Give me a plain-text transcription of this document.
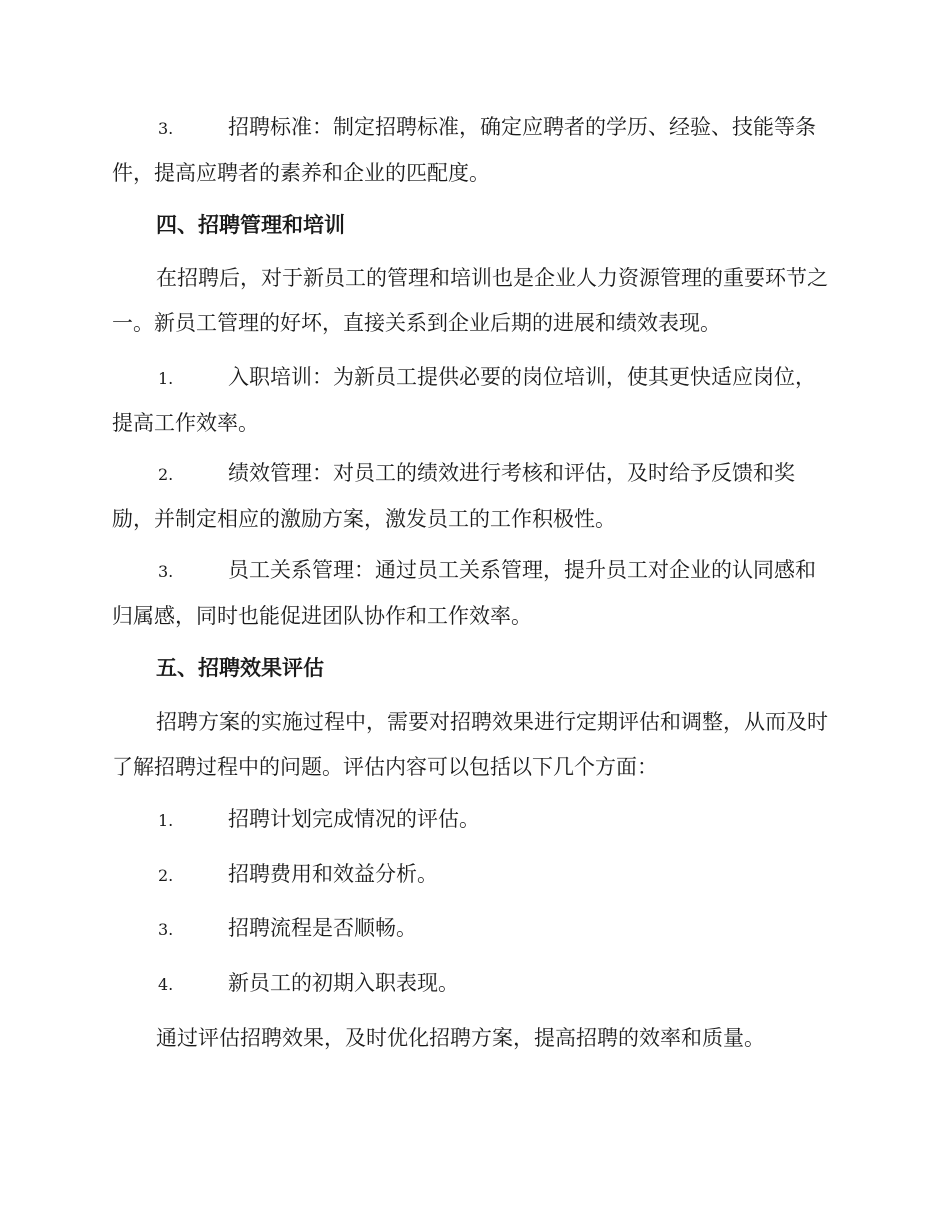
3.	招聘标准：制定招聘标准，确定应聘者的学历、经验、技能等条件，提高应聘者的素养和企业的匹配度。

四、招聘管理和培训

在招聘后，对于新员工的管理和培训也是企业人力资源管理的重要环节之一。新员工管理的好坏，直接关系到企业后期的进展和绩效表现。

1.	入职培训：为新员工提供必要的岗位培训，使其更快适应岗位，提高工作效率。

2.	绩效管理：对员工的绩效进行考核和评估，及时给予反馈和奖励，并制定相应的激励方案，激发员工的工作积极性。

3.	员工关系管理：通过员工关系管理，提升员工对企业的认同感和归属感，同时也能促进团队协作和工作效率。

五、招聘效果评估

招聘方案的实施过程中，需要对招聘效果进行定期评估和调整，从而及时了解招聘过程中的问题。评估内容可以包括以下几个方面：

1.	招聘计划完成情况的评估。

2.	招聘费用和效益分析。

3.	招聘流程是否顺畅。

4.	新员工的初期入职表现。

通过评估招聘效果，及时优化招聘方案，提高招聘的效率和质量。
